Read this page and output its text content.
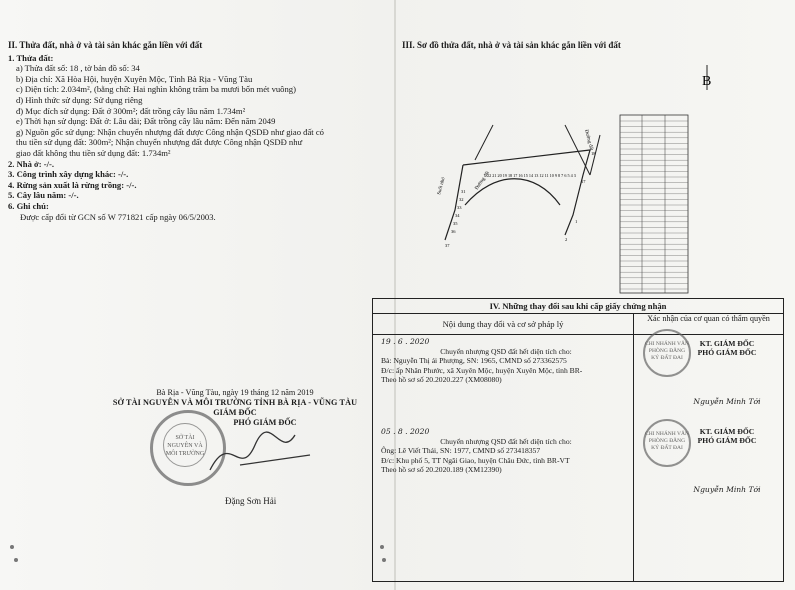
II. Thửa đất, nhà ở và tài sản khác gắn liền với đất
1. Thửa đất:
a) Thửa đất số: 18 , tờ bản đồ số: 34
b) Địa chỉ: Xã Hòa Hội, huyện Xuyên Mộc, Tỉnh Bà Rịa - Vũng Tàu
c) Diện tích: 2.034m², (bằng chữ: Hai nghìn không trăm ba mươi bốn mét vuông)
d) Hình thức sử dụng: Sử dụng riêng
đ) Mục đích sử dụng: Đất ở 300m²; đất trồng cây lâu năm 1.734m²
e) Thời hạn sử dụng: Đất ở: Lâu dài; Đất trồng cây lâu năm: Đến năm 2049
g) Nguồn gốc sử dụng: Nhận chuyển nhượng đất được Công nhận QSDĐ như giao đất có
thu tiền sử dụng đất: 300m²; Nhận chuyển nhượng đất được Công nhận QSDĐ như
giao đất không thu tiền sử dụng đất: 1.734m²
2. Nhà ở: -/-.
3. Công trình xây dựng khác: -/-.
4. Rừng sản xuất là rừng trồng: -/-.
5. Cây lâu năm: -/-.
6. Ghi chú:
Được cấp đổi từ GCN số W 771821 cấp ngày 06/5/2003.
Bà Rịa - Vũng Tàu, ngày 19 tháng 12 năm 2019
SỞ TÀI NGUYÊN VÀ MÔI TRƯỜNG TỈNH BÀ RỊA - VŨNG TÀU
GIÁM ĐỐC
PHÓ GIÁM ĐỐC
SỞ TÀI NGUYÊN VÀ MÔI TRƯỜNG
Đặng Sơn Hải
III. Sơ đồ thửa đất, nhà ở và tài sản khác gắn liền với đất
B
Đường đất
Đường đất
Suối nhỏ
22 21 20 19 18 17 16 15 14 13 12 11 10 9 8 7 6 5 4 3
37
36
35
34
33
32
31
2
1
17
18
IV. Những thay đổi sau khi cấp giấy chứng nhận
Nội dung thay đổi và cơ sở pháp lý
Xác nhận của cơ quan có thẩm quyền
19 . 6 . 2020
Chuyển nhượng QSD đất hết diện tích cho:
Bà: Nguyễn Thị ái Phượng, SN: 1965, CMND số 273362575
Đ/c: ấp Nhân Phước, xã Xuyên Mộc, huyện Xuyên Mộc, tỉnh BR-
Theo hồ sơ số 20.2020.227 (XM08080)
KT. GIÁM ĐỐC
PHÓ GIÁM ĐỐC
Nguyễn Minh Tới
CHI NHÁNH VĂN PHÒNG ĐĂNG KÝ ĐẤT ĐAI
05 . 8 . 2020
Chuyển nhượng QSD đất hết diện tích cho:
Ông: Lê Viết Thái, SN: 1977, CMND số 273418357
Đ/c: Khu phố 5, TT Ngãi Giao, huyện Châu Đức, tỉnh BR-VT
Theo hồ sơ số 20.2020.189 (XM12390)
KT. GIÁM ĐỐC
PHÓ GIÁM ĐỐC
Nguyễn Minh Tới
CHI NHÁNH VĂN PHÒNG ĐĂNG KÝ ĐẤT ĐAI
